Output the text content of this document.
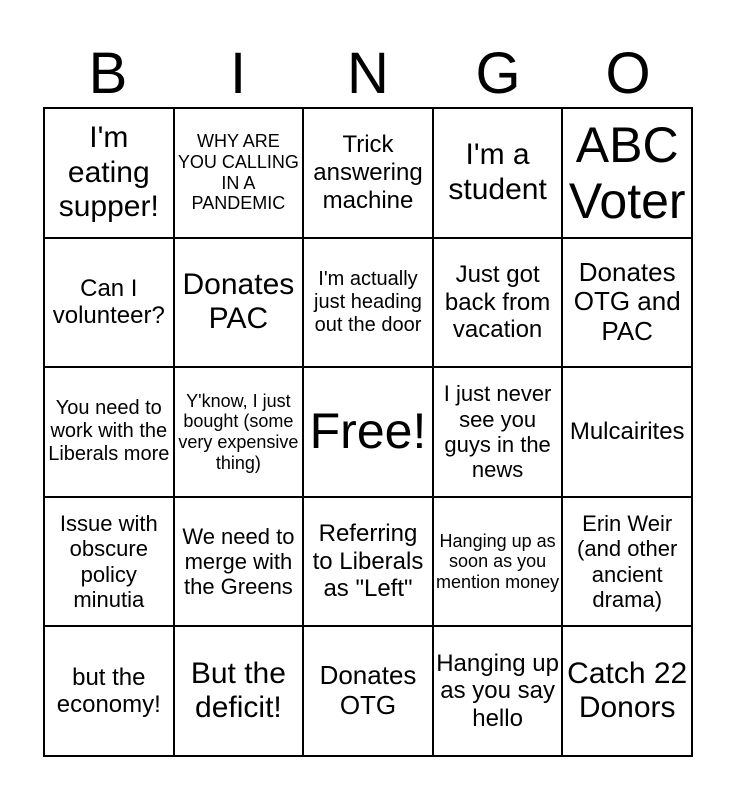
B	I	N	G	O
I'm eating supper!
WHY ARE YOU CALLING IN A PANDEMIC
Trick answering machine
I'm a student
ABC Voter
Can I volunteer?
Donates PAC
I'm actually just heading out the door
Just got back from vacation
Donates OTG and PAC
You need to work with the Liberals more
Y'know, I just bought (some very expensive thing)
Free!
I just never see you guys in the news
Mulcairites
Issue with obscure policy minutia
We need to merge with the Greens
Referring to Liberals as "Left"
Hanging up as soon as you mention money
Erin Weir (and other ancient drama)
but the economy!
But the deficit!
Donates OTG
Hanging up as you say hello
Catch 22 Donors
